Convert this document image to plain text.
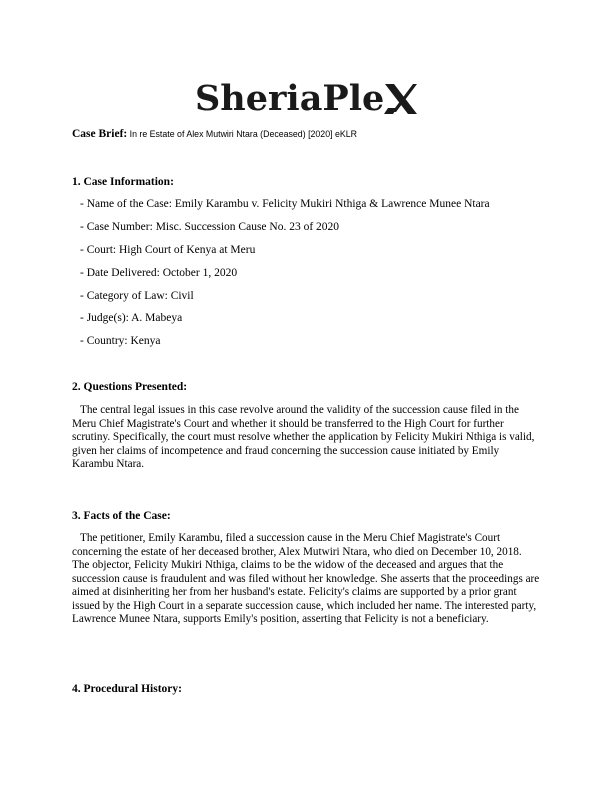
SheriaPle
Case Brief: In re Estate of Alex Mutwiri Ntara (Deceased) [2020] eKLR
1. Case Information:
- Name of the Case: Emily Karambu v. Felicity Mukiri Nthiga & Lawrence Munee Ntara
- Case Number: Misc. Succession Cause No. 23 of 2020
- Court: High Court of Kenya at Meru
- Date Delivered: October 1, 2020
- Category of Law: Civil
- Judge(s): A. Mabeya
- Country: Kenya
2. Questions Presented:

The central legal issues in this case revolve around the validity of the succession cause filed in the Meru Chief Magistrate's Court and whether it should be transferred to the High Court for further scrutiny. Specifically, the court must resolve whether the application by Felicity Mukiri Nthiga is valid, given her claims of incompetence and fraud concerning the succession cause initiated by Emily Karambu Ntara.

3. Facts of the Case:

The petitioner, Emily Karambu, filed a succession cause in the Meru Chief Magistrate's Court concerning the estate of her deceased brother, Alex Mutwiri Ntara, who died on December 10, 2018. The objector, Felicity Mukiri Nthiga, claims to be the widow of the deceased and argues that the succession cause is fraudulent and was filed without her knowledge. She asserts that the proceedings are aimed at disinheriting her from her husband's estate. Felicity's claims are supported by a prior grant issued by the High Court in a separate succession cause, which included her name. The interested party, Lawrence Munee Ntara, supports Emily's position, asserting that Felicity is not a beneficiary.

4. Procedural History:
